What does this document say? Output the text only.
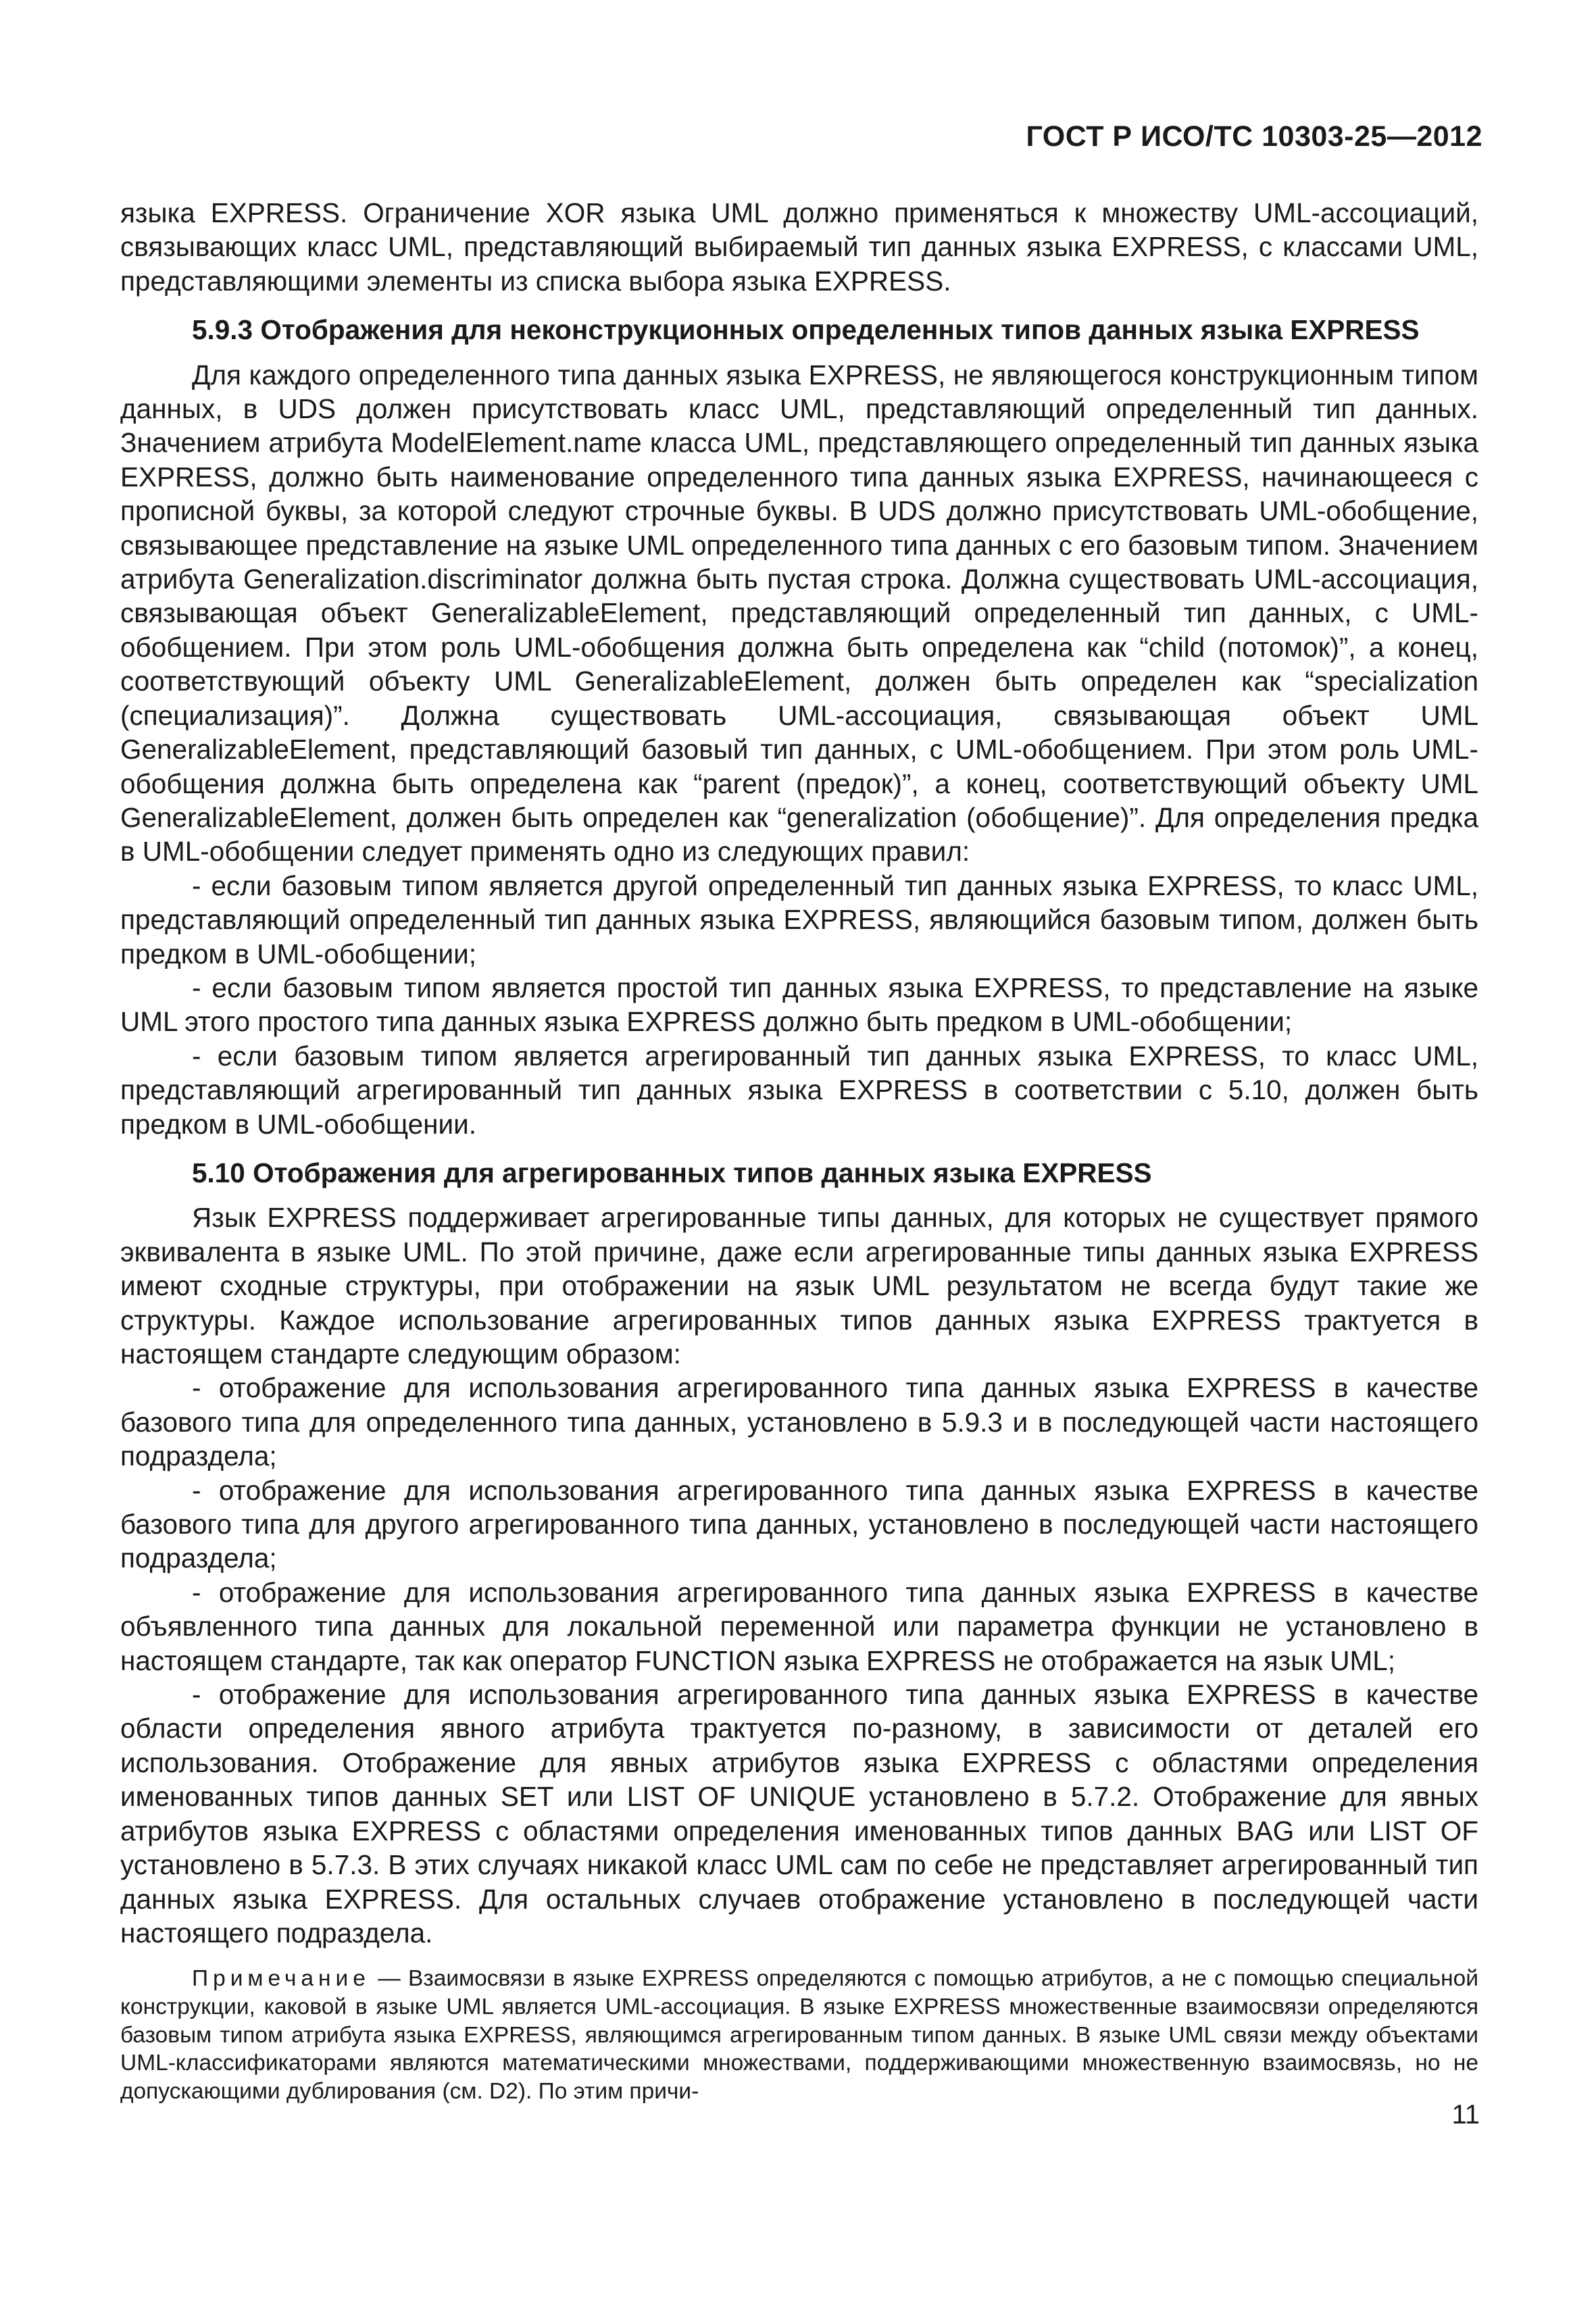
ГОСТ Р ИСО/ТС 10303-25—2012

языка EXPRESS. Ограничение XOR языка UML должно применяться к множеству UML-ассоциаций, связывающих класс UML, представляющий выбираемый тип данных языка EXPRESS, с классами UML, представляющими элементы из списка выбора языка EXPRESS.

5.9.3 Отображения для неконструкционных определенных типов данных языка EXPRESS

Для каждого определенного типа данных языка EXPRESS, не являющегося конструкционным типом данных, в UDS должен присутствовать класс UML, представляющий определенный тип данных. Значением атрибута ModelElement.name класса UML, представляющего определенный тип данных языка EXPRESS, должно быть наименование определенного типа данных языка EXPRESS, начинающееся с прописной буквы, за которой следуют строчные буквы. В UDS должно присутствовать UML-обобщение, связывающее представление на языке UML определенного типа данных с его базовым типом. Значением атрибута Generalization.discriminator должна быть пустая строка. Должна существовать UML-ассоциация, связывающая объект GeneralizableElement, представляющий определенный тип данных, с UML-обобщением. При этом роль UML-обобщения должна быть определена как “child (потомок)”, а конец, соответствующий объекту UML GeneralizableElement, должен быть определен как “specialization (специализация)”. Должна существовать UML-ассоциация, связывающая объект UML GeneralizableElement, представляющий базовый тип данных, с UML-обобщением. При этом роль UML-обобщения должна быть определена как “parent (предок)”, а конец, соответствующий объекту UML GeneralizableElement, должен быть определен как “generalization (обобщение)”. Для определения предка в UML-обобщении следует применять одно из следующих правил:

- если базовым типом является другой определенный тип данных языка EXPRESS, то класс UML, представляющий определенный тип данных языка EXPRESS, являющийся базовым типом, должен быть предком в UML-обобщении;

- если базовым типом является простой тип данных языка EXPRESS, то представление на языке UML этого простого типа данных языка EXPRESS должно быть предком в UML-обобщении;

- если базовым типом является агрегированный тип данных языка EXPRESS, то класс UML, представляющий агрегированный тип данных языка EXPRESS в соответствии с 5.10, должен быть предком в UML-обобщении.

5.10 Отображения для агрегированных типов данных языка EXPRESS

Язык EXPRESS поддерживает агрегированные типы данных, для которых не существует прямого эквивалента в языке UML. По этой причине, даже если агрегированные типы данных языка EXPRESS имеют сходные структуры, при отображении на язык UML результатом не всегда будут такие же структуры. Каждое использование агрегированных типов данных языка EXPRESS трактуется в настоящем стандарте следующим образом:

- отображение для использования агрегированного типа данных языка EXPRESS в качестве базового типа для определенного типа данных, установлено в 5.9.3 и в последующей части настоящего подраздела;

- отображение для использования агрегированного типа данных языка EXPRESS в качестве базового типа для другого агрегированного типа данных, установлено в последующей части настоящего подраздела;

- отображение для использования агрегированного типа данных языка EXPRESS в качестве объявленного типа данных для локальной переменной или параметра функции не установлено в настоящем стандарте, так как оператор FUNCTION языка EXPRESS не отображается на язык UML;

- отображение для использования агрегированного типа данных языка EXPRESS в качестве области определения явного атрибута трактуется по-разному, в зависимости от деталей его использования. Отображение для явных атрибутов языка EXPRESS с областями определения именованных типов данных SET или LIST OF UNIQUE установлено в 5.7.2. Отображение для явных атрибутов языка EXPRESS с областями определения именованных типов данных BAG или LIST OF установлено в 5.7.3. В этих случаях никакой класс UML сам по себе не представляет агрегированный тип данных языка EXPRESS. Для остальных случаев отображение установлено в последующей части настоящего подраздела.

Примечание — Взаимосвязи в языке EXPRESS определяются с помощью атрибутов, а не с помощью специальной конструкции, каковой в языке UML является UML-ассоциация. В языке EXPRESS множественные взаимосвязи определяются базовым типом атрибута языка EXPRESS, являющимся агрегированным типом данных. В языке UML связи между объектами UML-классификаторами являются математическими множествами, поддерживающими множественную взаимосвязь, но не допускающими дублирования (см. D2). По этим причи-

11
